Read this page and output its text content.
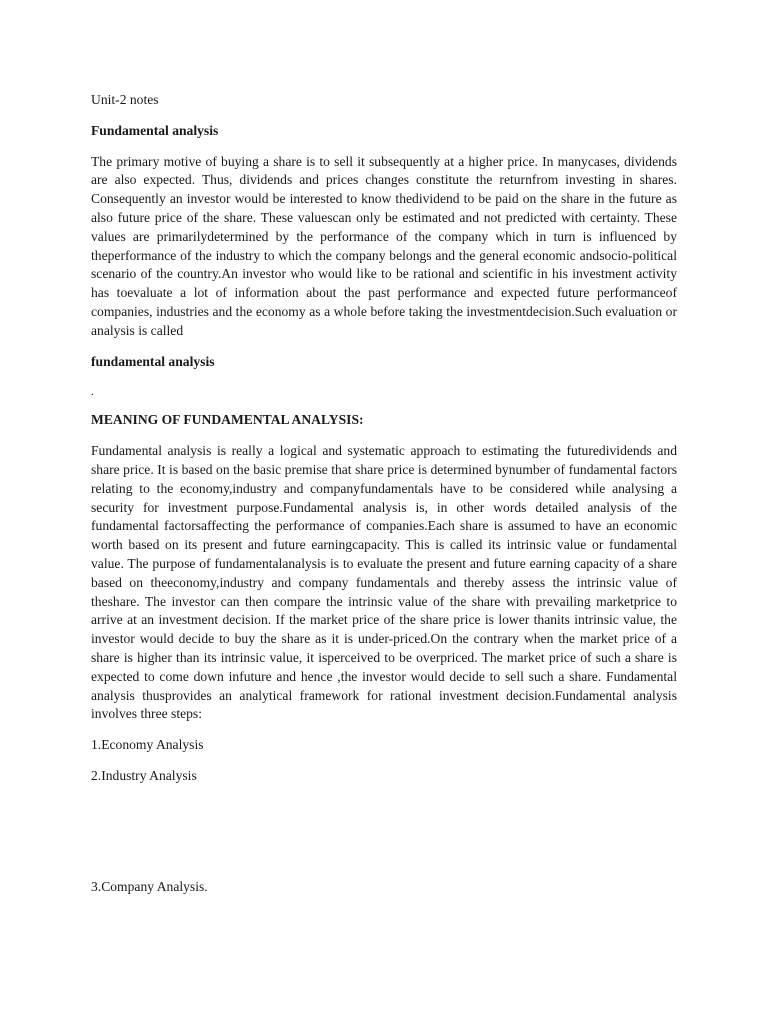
Unit-2 notes

Fundamental analysis

The primary motive of buying a share is to sell it subsequently at a higher price. In manycases, dividends are also expected. Thus, dividends and prices changes constitute the returnfrom investing in shares. Consequently an investor would be interested to know thedividend to be paid on the share in the future as also future price of the share. These valuescan only be estimated and not predicted with certainty. These values are primarilydetermined by the performance of the company which in turn is influenced by theperformance of the industry to which the company belongs and the general economic andsocio-political scenario of the country.An investor who would like to be rational and scientific in his investment activity has toevaluate a lot of information about the past performance and expected future performanceof companies, industries and the economy as a whole before taking the investmentdecision.Such evaluation or analysis is called

fundamental analysis

.

MEANING OF FUNDAMENTAL ANALYSIS:

Fundamental analysis is really a logical and systematic approach to estimating the futuredividends and share price. It is based on the basic premise that share price is determined bynumber of fundamental factors relating to the economy,industry and companyfundamentals have to be considered while analysing a security for investment purpose.Fundamental analysis is, in other words detailed analysis of the fundamental factorsaffecting the performance of companies.Each share is assumed to have an economic worth based on its present and future earningcapacity. This is called its intrinsic value or fundamental value. The purpose of fundamentalanalysis is to evaluate the present and future earning capacity of a share based on theeconomy,industry and company fundamentals and thereby assess the intrinsic value of theshare. The investor can then compare the intrinsic value of the share with prevailing marketprice to arrive at an investment decision. If the market price of the share price is lower thanits intrinsic value, the investor would decide to buy the share as it is under-priced.On the contrary when the market price of a share is higher than its intrinsic value, it isperceived to be overpriced. The market price of such a share is expected to come down infuture and hence ,the investor would decide to sell such a share. Fundamental analysis thusprovides an analytical framework for rational investment decision.Fundamental analysis involves three steps:

1.Economy Analysis

2.Industry Analysis

3.Company Analysis.
